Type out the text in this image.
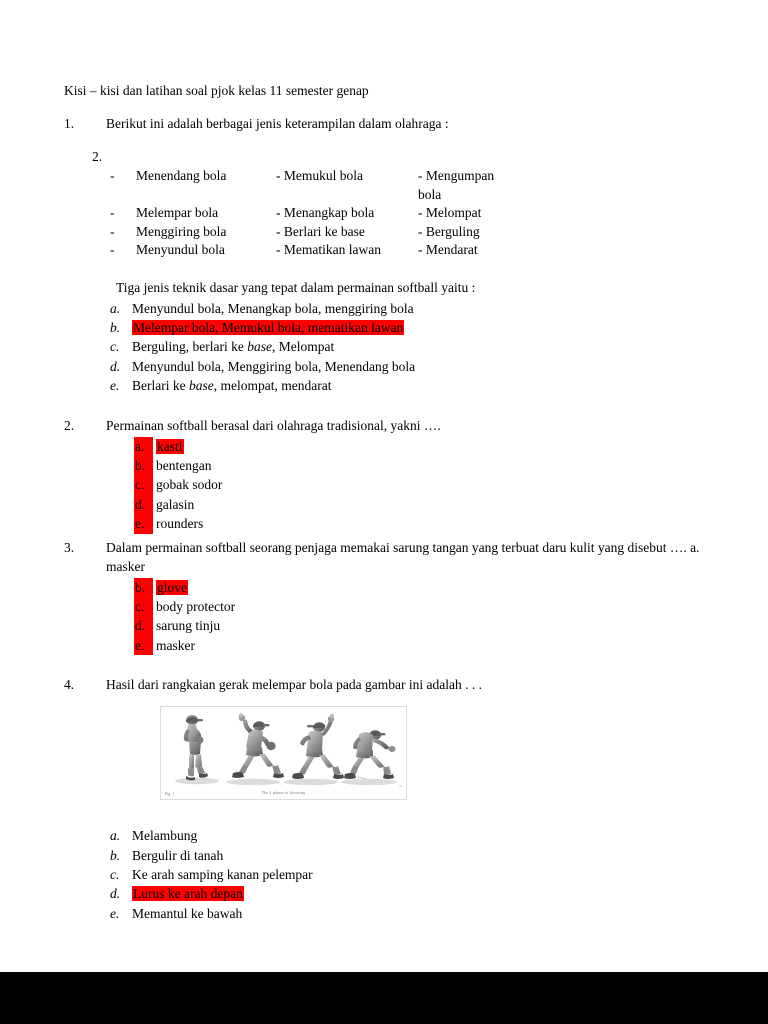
Kisi – kisi dan latihan soal pjok kelas 11 semester genap
1.	Berikut ini adalah berbagai jenis keterampilan dalam olahraga :
2.
-	Menendang bola	- Memukul bola	- Mengumpan
bola
-	Melempar bola	- Menangkap bola	- Melompat
-	Menggiring bola	- Berlari ke base	- Berguling
-	Menyundul bola	- Mematikan lawan	- Mendarat
Tiga jenis teknik dasar yang tepat dalam permainan softball yaitu :
a. Menyundul bola, Menangkap bola, menggiring bola
b. Melempar bola, Memukul bola, mematikan lawan
c. Berguling, berlari ke base, Melompat
d. Menyundul bola, Menggiring bola, Menendang bola
e. Berlari ke base, melompat, mendarat
2.	Permainan softball berasal dari olahraga tradisional, yakni ….
a. kasti
b. bentengan
c. gobak sodor
d. galasin
e. rounders
3.	Dalam permainan softball seorang penjaga memakai sarung tangan yang terbuat daru kulit yang disebut …. a. masker
b. glove
c. body protector
d. sarung tinju
e. masker
4.	Hasil dari rangkaian gerak melempar bola pada gambar ini adalah . . .
Fig. 1	The 4 phases of throwing
a. Melambung
b. Bergulir di tanah
c. Ke arah samping kanan pelempar
d. Lurus ke arah depan
e. Memantul ke bawah
NEWS 2026 NURULAMIN
